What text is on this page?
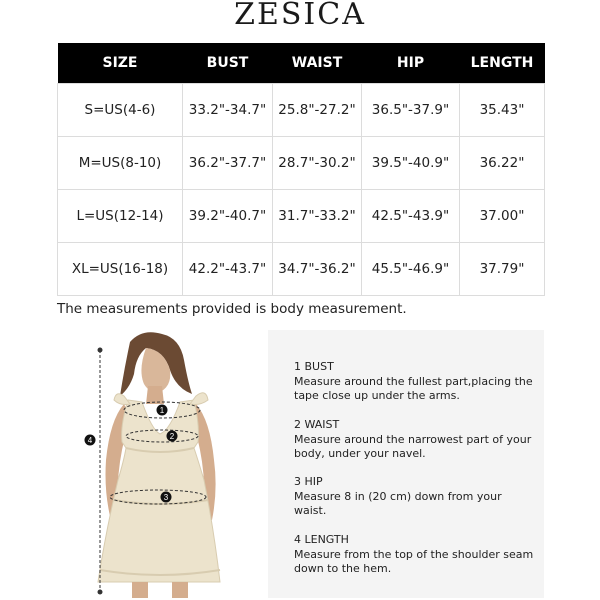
ZESICA
SIZE	BUST	WAIST	HIP	LENGTH
S=US(4-6)	33.2"-34.7"	25.8"-27.2"	36.5"-37.9"	35.43"
M=US(8-10)	36.2"-37.7"	28.7"-30.2"	39.5"-40.9"	36.22"
L=US(12-14)	39.2"-40.7"	31.7"-33.2"	42.5"-43.9"	37.00"
XL=US(16-18)	42.2"-43.7"	34.7"-36.2"	45.5"-46.9"	37.79"
The measurements provided is body measurement.
1
2
3
4
1 BUST
Measure around the fullest part,placing the tape close up under the arms.
2 WAIST
Measure around the narrowest part of your body, under your navel.
3 HIP
Measure 8 in (20 cm) down from your waist.
4 LENGTH
Measure from the top of the shoulder seam down to the hem.
